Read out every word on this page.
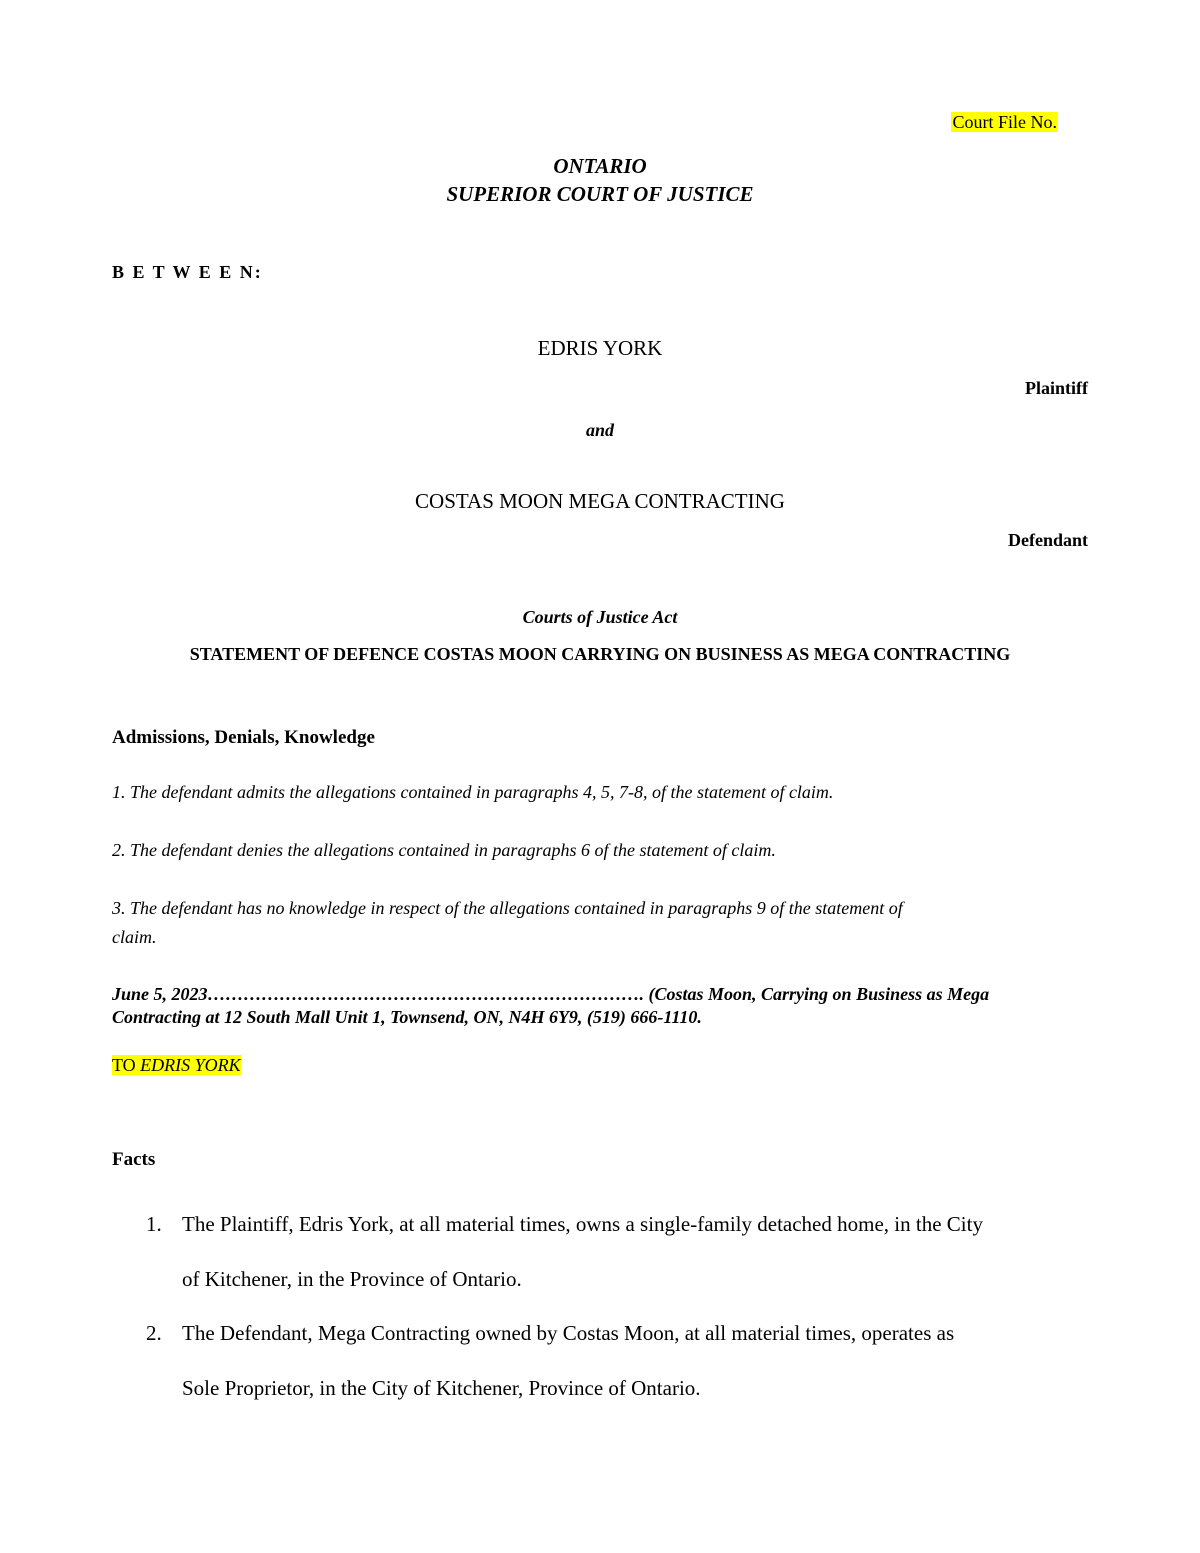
Court File No.
ONTARIO
SUPERIOR COURT OF JUSTICE
B E T W E E N:
EDRIS YORK
Plaintiff
and
COSTAS MOON MEGA CONTRACTING
Defendant
Courts of Justice Act
STATEMENT OF DEFENCE COSTAS MOON CARRYING ON BUSINESS AS MEGA CONTRACTING
Admissions, Denials, Knowledge
1. The defendant admits the allegations contained in paragraphs 4, 5, 7-8, of the statement of claim.
2. The defendant denies the allegations contained in paragraphs 6 of the statement of claim.
3. The defendant has no knowledge in respect of the allegations contained in paragraphs 9 of the statement of
claim.
June 5, 2023………………………………………………………………. (Costas Moon, Carrying on Business as Mega
Contracting at 12 South Mall Unit 1, Townsend, ON, N4H 6Y9, (519) 666-1110.
TO EDRIS YORK
Facts
1. The Plaintiff, Edris York, at all material times, owns a single-family detached home, in the City
of Kitchener, in the Province of Ontario.
2. The Defendant, Mega Contracting owned by Costas Moon, at all material times, operates as
Sole Proprietor, in the City of Kitchener, Province of Ontario.
